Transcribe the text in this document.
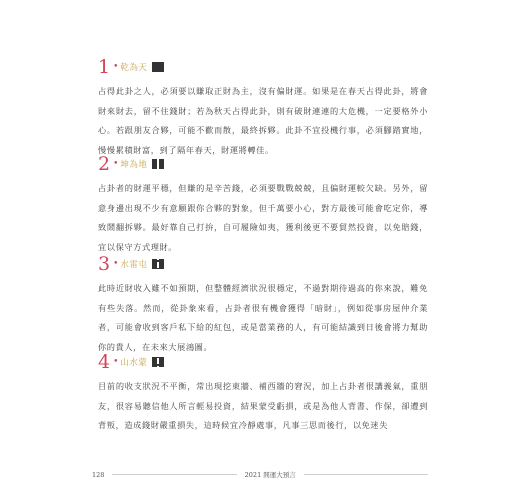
1 • 乾為天
占得此卦之人，必須要以賺取正財為主，沒有偏財運。如果是在春天占得此卦，將會財來財去，留不住錢財；若為秋天占得此卦，則有破財連連的大危機，一定要格外小心。若跟朋友合夥，可能不歡而散，最終拆夥。此卦不宜投機行事，必須腳踏實地，慢慢累積財富，到了隔年春天，財運將轉佳。
2 • 坤為地
占卦者的財運平穩，但賺的是辛苦錢，必須要戰戰兢兢，且偏財運較欠缺。另外，留意身邊出現不少有意願跟你合夥的對象，但千萬要小心，對方最後可能會吃定你，導致鬧翻拆夥。最好靠自己打拚，自可履險如夷，獲利後更不要貿然投資，以免賠錢，宜以保守方式理財。
3 • 水雷屯
此時近財收入雖不如預期，但整體經濟狀況很穩定，不過對期待過高的你來說，難免有些失落。然而，從卦象來看，占卦者很有機會獲得「暗財」，例如從事房屋仲介業者，可能會收到客戶私下給的紅包，或是當業務的人，有可能結識到日後會將力幫助你的貴人，在未來大展鴻圖。
4 • 山水蒙
目前的收支狀況不平衡，常出現挖東牆、補西牆的窘況，加上占卦者很講義氣，重朋友，很容易聽信他人所言輕易投資，結果蒙受虧損，或是為他人背書、作保，卻遭到背叛，造成錢財嚴重損失，這時候宜冷靜處事，凡事三思而後行，以免迷失
128	2021 開運大預言
